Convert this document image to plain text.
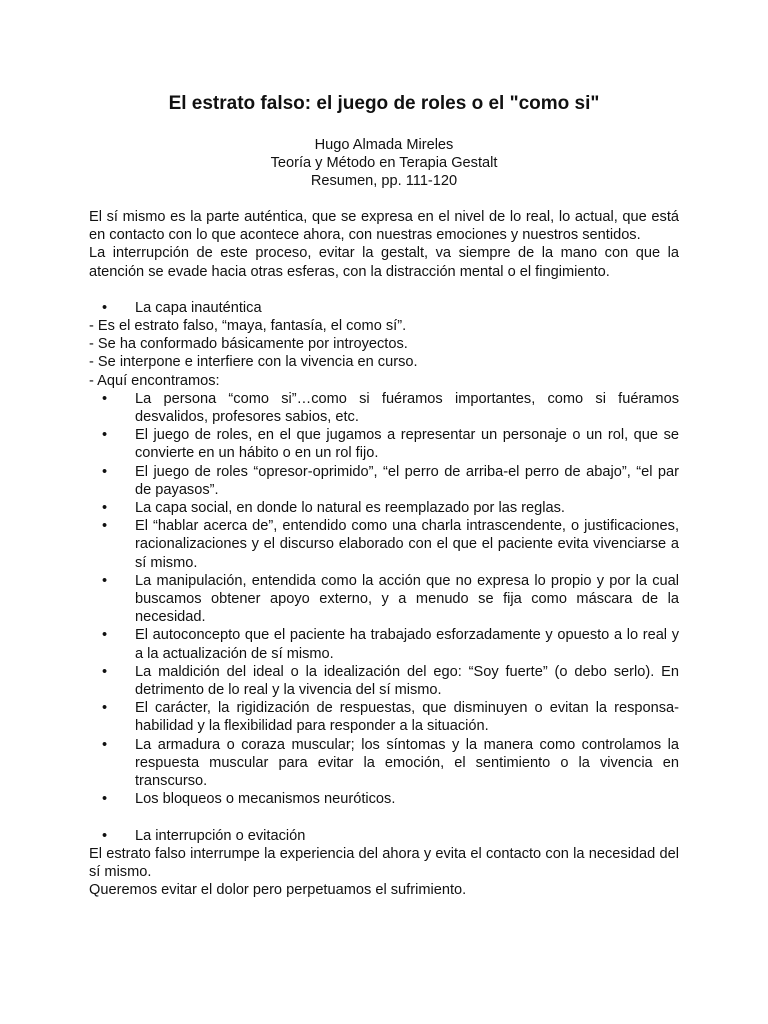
El estrato falso: el juego de roles o el "como si"
Hugo Almada Mireles
Teoría y Método en Terapia Gestalt
Resumen, pp. 111-120

El sí mismo es la parte auténtica, que se expresa en el nivel de lo real, lo actual, que está en contacto con lo que acontece ahora, con nuestras emociones y nuestros sentidos.

La interrupción de este proceso, evitar la gestalt, va siempre de la mano con que la atención se evade hacia otras esferas, con la distracción mental o el fingimiento.

•	La capa inauténtica

- Es el estrato falso, “maya, fantasía, el como sí”.

- Se ha conformado básicamente por introyectos.

- Se interpone e interfiere con la vivencia en curso.

- Aquí encontramos:

•	La persona “como si”…como si fuéramos importantes, como si fuéramos desvalidos, profesores sabios, etc.
•	El juego de roles, en el que jugamos a representar un personaje o un rol, que se convierte en un hábito o en un rol fijo.
•	El juego de roles “opresor-oprimido”, “el perro de arriba-el perro de abajo”, “el par de payasos”.
•	La capa social, en donde lo natural es reemplazado por las reglas.
•	El “hablar acerca de”, entendido como una charla intrascendente, o justificaciones, racionalizaciones y el discurso elaborado con el que el paciente evita vivenciarse a sí mismo.
•	La manipulación, entendida como la acción que no expresa lo propio y por la cual buscamos obtener apoyo externo, y a menudo se fija como máscara de la necesidad.
•	El autoconcepto que el paciente ha trabajado esforzadamente y opuesto a lo real y a la actualización de sí mismo.
•	La maldición del ideal o la idealización del ego: “Soy fuerte” (o debo serlo). En detrimento de lo real y la vivencia del sí mismo.
•	El carácter, la rigidización de respuestas, que disminuyen o evitan la responsa-habilidad y la flexibilidad para responder a la situación.
•	La armadura o coraza muscular; los síntomas y la manera como controlamos la respuesta muscular para evitar la emoción, el sentimiento o la vivencia en transcurso.
•	Los bloqueos o mecanismos neuróticos.
•	La interrupción o evitación

El estrato falso interrumpe la experiencia del ahora y evita el contacto con la necesidad del sí mismo.

Queremos evitar el dolor pero perpetuamos el sufrimiento.
